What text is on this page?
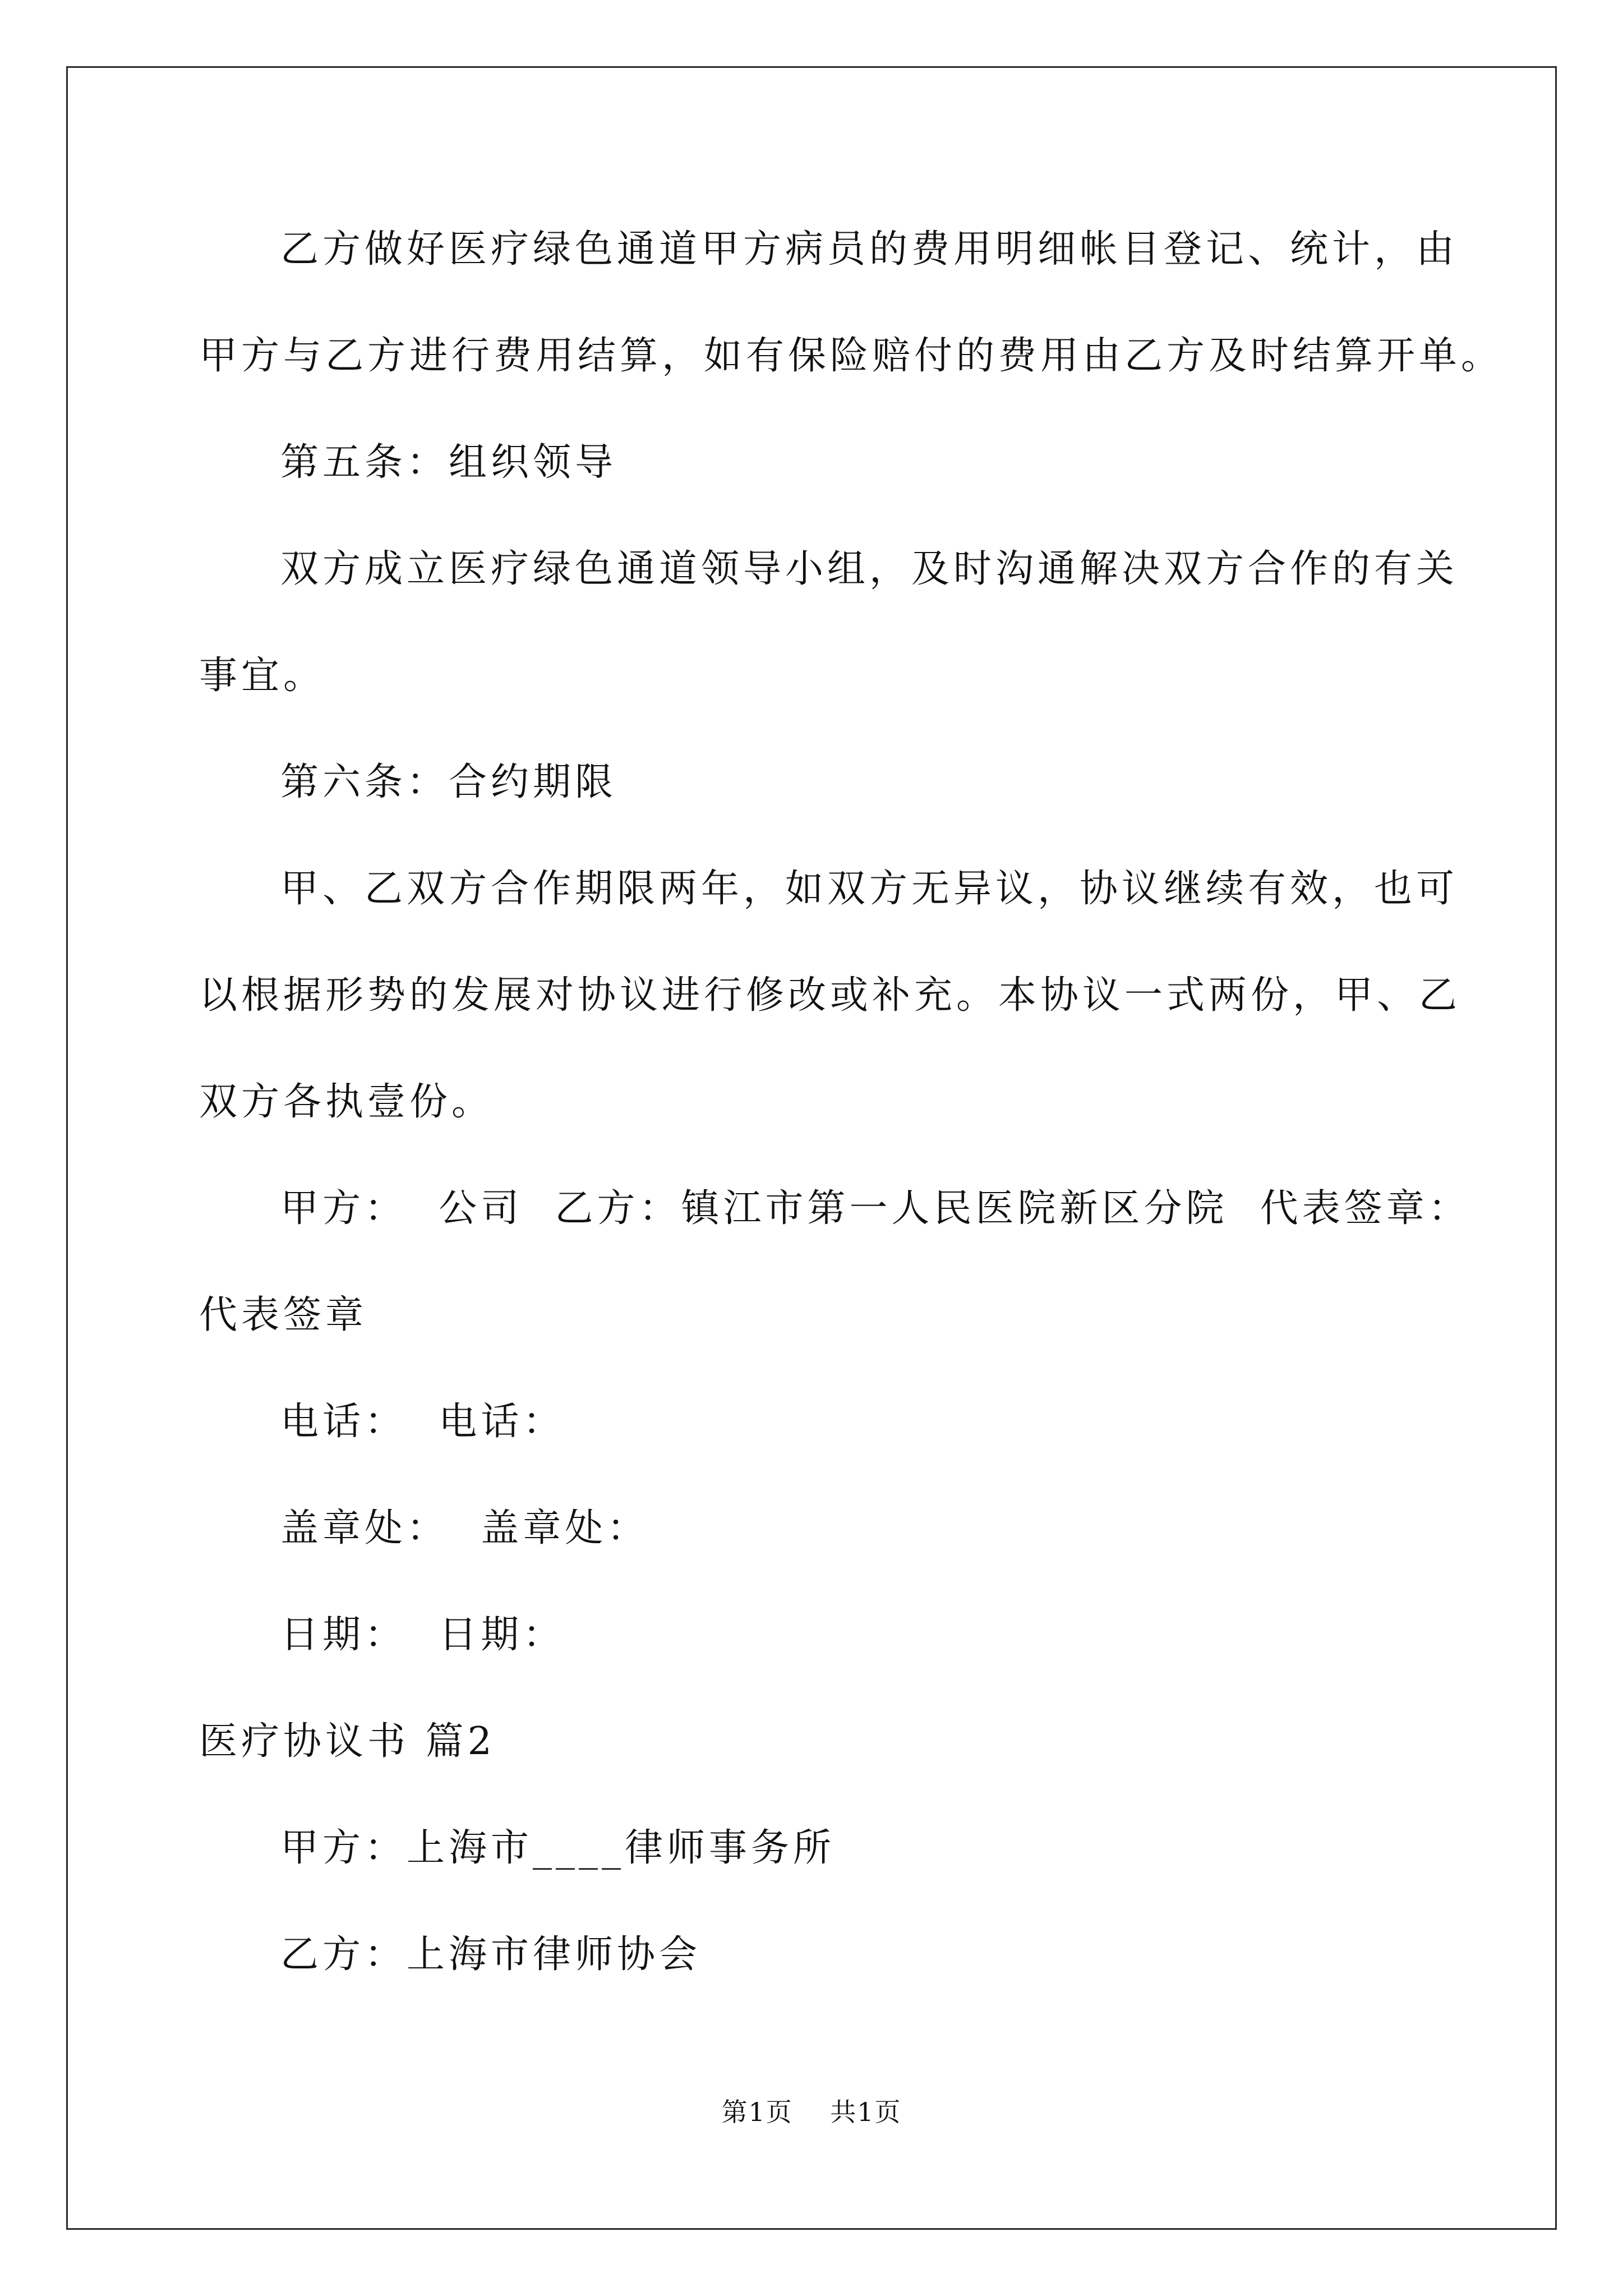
乙方做好医疗绿色通道甲方病员的费用明细帐目登记、统计，由
甲方与乙方进行费用结算，如有保险赔付的费用由乙方及时结算开单。
第五条：组织领导
双方成立医疗绿色通道领导小组，及时沟通解决双方合作的有关
事宜。
第六条：合约期限
甲、乙双方合作期限两年，如双方无异议，协议继续有效，也可
以根据形势的发展对协议进行修改或补充。本协议一式两份，甲、乙
双方各执壹份。
甲方：  公司  乙方：镇江市第一人民医院新区分院  代表签章：
代表签章
电话：  电话：
盖章处：  盖章处：
日期：  日期：
医疗协议书 篇2
甲方：上海市____律师事务所
乙方：上海市律师协会
第1页    共1页
